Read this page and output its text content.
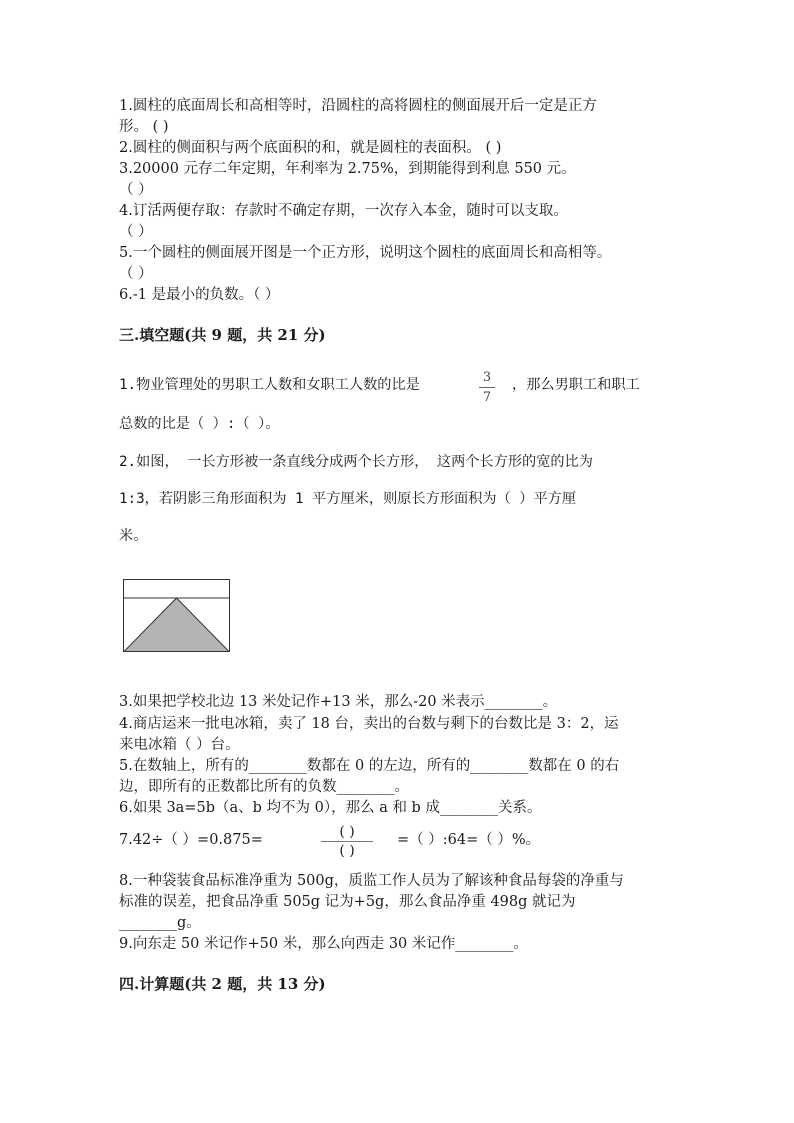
1.圆柱的底面周长和高相等时，沿圆柱的高将圆柱的侧面展开后一定是正方
形。 ( )
2.圆柱的侧面积与两个底面积的和，就是圆柱的表面积。 ( )
3.20000 元存二年定期，年利率为 2.75%，到期能得到利息 550 元。
（ ）
4.订活两便存取：存款时不确定存期，一次存入本金，随时可以支取。
（ ）
5.一个圆柱的侧面展开图是一个正方形，说明这个圆柱的底面周长和高相等。
（ ）
6.-1 是最小的负数。（ ）
三.填空题(共 9 题，共 21 分)
1.物业管理处的男职工人数和女职工人数的比是	3
7
，那么男职工和职工
总数的比是（ ）:（ ）。
2.如图， 一长方形被一条直线分成两个长方形， 这两个长方形的宽的比为
1:3，若阴影三角形面积为 1 平方厘米，则原长方形面积为（ ）平方厘
米。
3.如果把学校北边 13 米处记作+13 米，那么-20 米表示________。
4.商店运来一批电冰箱，卖了 18 台，卖出的台数与剩下的台数比是 3：2，运
来电冰箱（ ）台。
5.在数轴上，所有的________数都在 0 的左边，所有的________数都在 0 的右
边，即所有的正数都比所有的负数________。
6.如果 3a=5b（a、b 均不为 0），那么 a 和 b 成________关系。
7.42÷（ ）=0.875=	( )
( )
=（ ）:64=（ ）%。
8.一种袋装食品标准净重为 500g，质监工作人员为了解该种食品每袋的净重与
标准的误差，把食品净重 505g 记为+5g，那么食品净重 498g 就记为
________g。
9.向东走 50 米记作+50 米，那么向西走 30 米记作________。
四.计算题(共 2 题，共 13 分)
